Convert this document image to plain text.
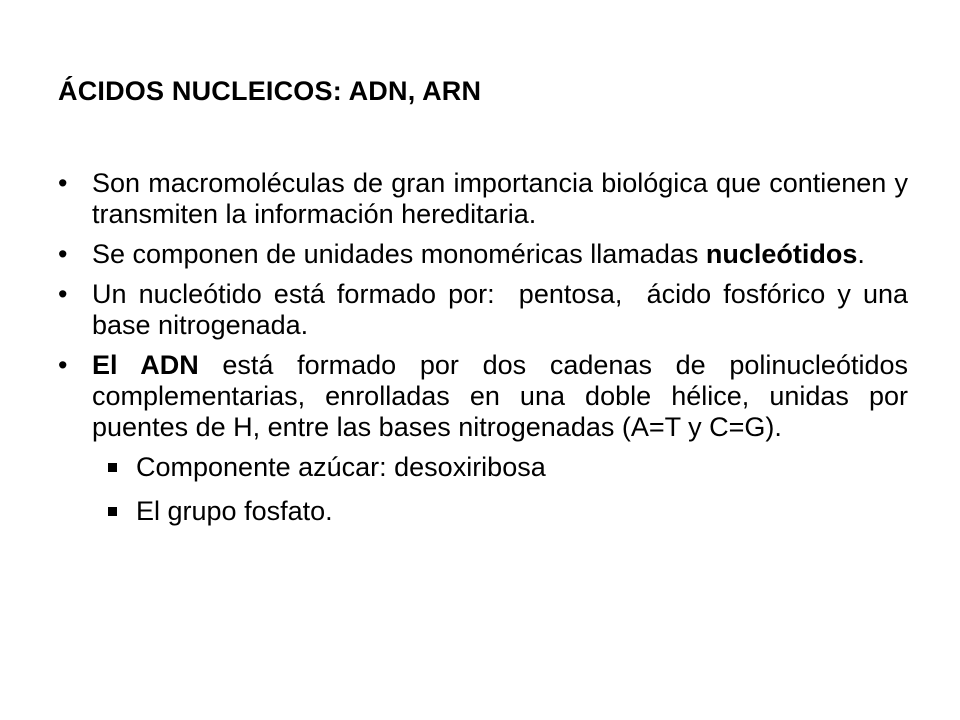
ÁCIDOS NUCLEICOS: ADN, ARN
• Son macromoléculas de gran importancia biológica que contienen y transmiten la información hereditaria.
• Se componen de unidades monoméricas llamadas nucleótidos.
• Un nucleótido está formado por:  pentosa,  ácido fosfórico y una base nitrogenada.
• El ADN está formado por dos cadenas de polinucleótidos complementarias, enrolladas en una doble hélice, unidas por puentes de H, entre las bases nitrogenadas (A=T y C=G).
Componente azúcar: desoxiribosa
El grupo fosfato.
